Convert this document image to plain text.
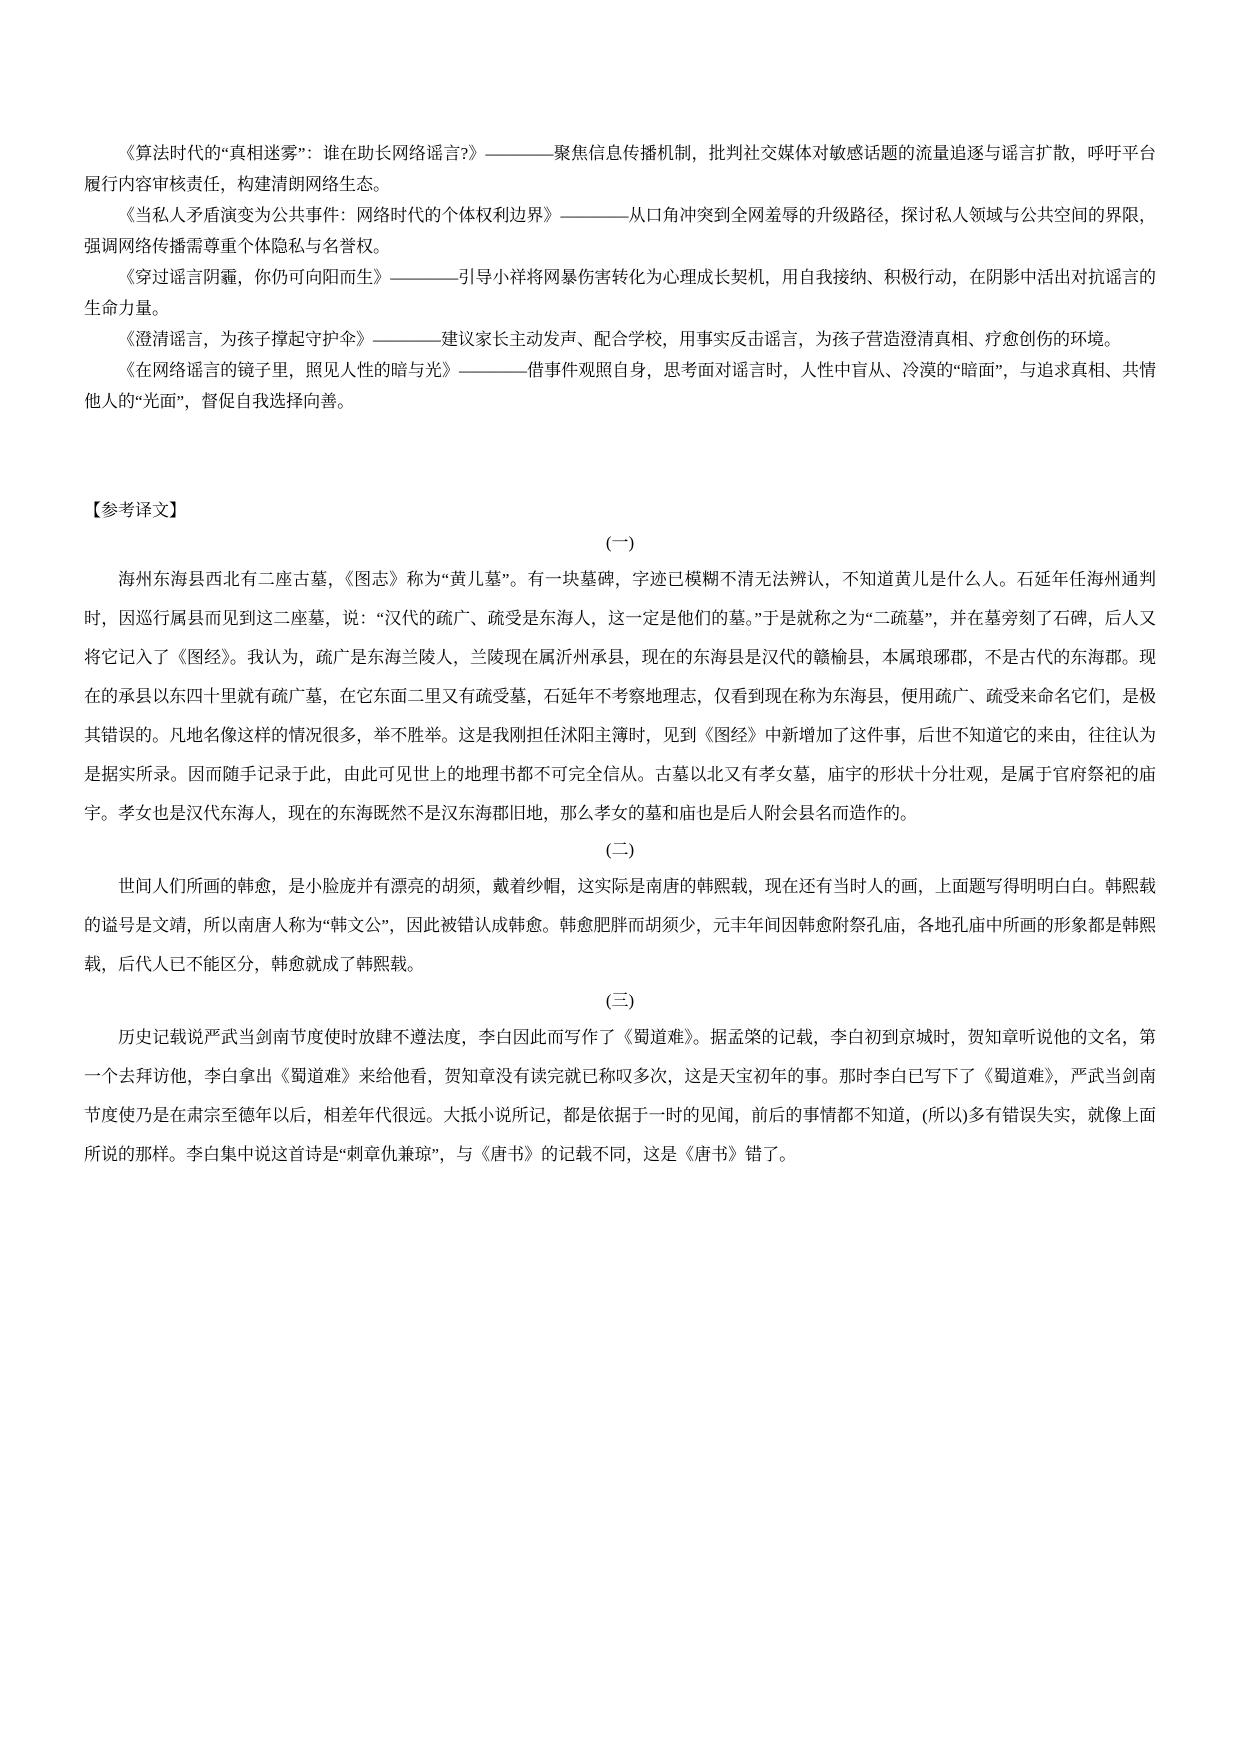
《算法时代的“真相迷雾”：谁在助长网络谣言?》————聚焦信息传播机制，批判社交媒体对敏感话题的流量追逐与谣言扩散，呼吁平台履行内容审核责任，构建清朗网络生态。

《当私人矛盾演变为公共事件：网络时代的个体权利边界》————从口角冲突到全网羞辱的升级路径，探讨私人领域与公共空间的界限，强调网络传播需尊重个体隐私与名誉权。

《穿过谣言阴霾，你仍可向阳而生》————引导小祥将网暴伤害转化为心理成长契机，用自我接纳、积极行动，在阴影中活出对抗谣言的生命力量。

《澄清谣言，为孩子撑起守护伞》————建议家长主动发声、配合学校，用事实反击谣言，为孩子营造澄清真相、疗愈创伤的环境。

《在网络谣言的镜子里，照见人性的暗与光》————借事件观照自身，思考面对谣言时，人性中盲从、冷漠的“暗面”，与追求真相、共情他人的“光面”，督促自我选择向善。

【参考译文】

(一)

海州东海县西北有二座古墓，《图志》称为“黄儿墓”。有一块墓碑，字迹已模糊不清无法辨认，不知道黄儿是什么人。石延年任海州通判时，因巡行属县而见到这二座墓，说：“汉代的疏广、疏受是东海人，这一定是他们的墓。”于是就称之为“二疏墓”，并在墓旁刻了石碑，后人又将它记入了《图经》。我认为，疏广是东海兰陵人，兰陵现在属沂州承县，现在的东海县是汉代的赣榆县，本属琅琊郡，不是古代的东海郡。现在的承县以东四十里就有疏广墓，在它东面二里又有疏受墓，石延年不考察地理志，仅看到现在称为东海县，便用疏广、疏受来命名它们，是极其错误的。凡地名像这样的情况很多，举不胜举。这是我刚担任沭阳主簿时，见到《图经》中新增加了这件事，后世不知道它的来由，往往认为是据实所录。因而随手记录于此，由此可见世上的地理书都不可完全信从。古墓以北又有孝女墓，庙宇的形状十分壮观，是属于官府祭祀的庙宇。孝女也是汉代东海人，现在的东海既然不是汉东海郡旧地，那么孝女的墓和庙也是后人附会县名而造作的。

(二)

世间人们所画的韩愈，是小脸庞并有漂亮的胡须，戴着纱帽，这实际是南唐的韩熙载，现在还有当时人的画，上面题写得明明白白。韩熙载的谥号是文靖，所以南唐人称为“韩文公”，因此被错认成韩愈。韩愈肥胖而胡须少，元丰年间因韩愈附祭孔庙，各地孔庙中所画的形象都是韩熙载，后代人已不能区分，韩愈就成了韩熙载。

(三)

历史记载说严武当剑南节度使时放肆不遵法度，李白因此而写作了《蜀道难》。据孟棨的记载，李白初到京城时，贺知章听说他的文名，第一个去拜访他，李白拿出《蜀道难》来给他看，贺知章没有读完就已称叹多次，这是天宝初年的事。那时李白已写下了《蜀道难》，严武当剑南节度使乃是在肃宗至德年以后，相差年代很远。大抵小说所记，都是依据于一时的见闻，前后的事情都不知道，(所以)多有错误失实，就像上面所说的那样。李白集中说这首诗是“刺章仇兼琼”，与《唐书》的记载不同，这是《唐书》错了。
